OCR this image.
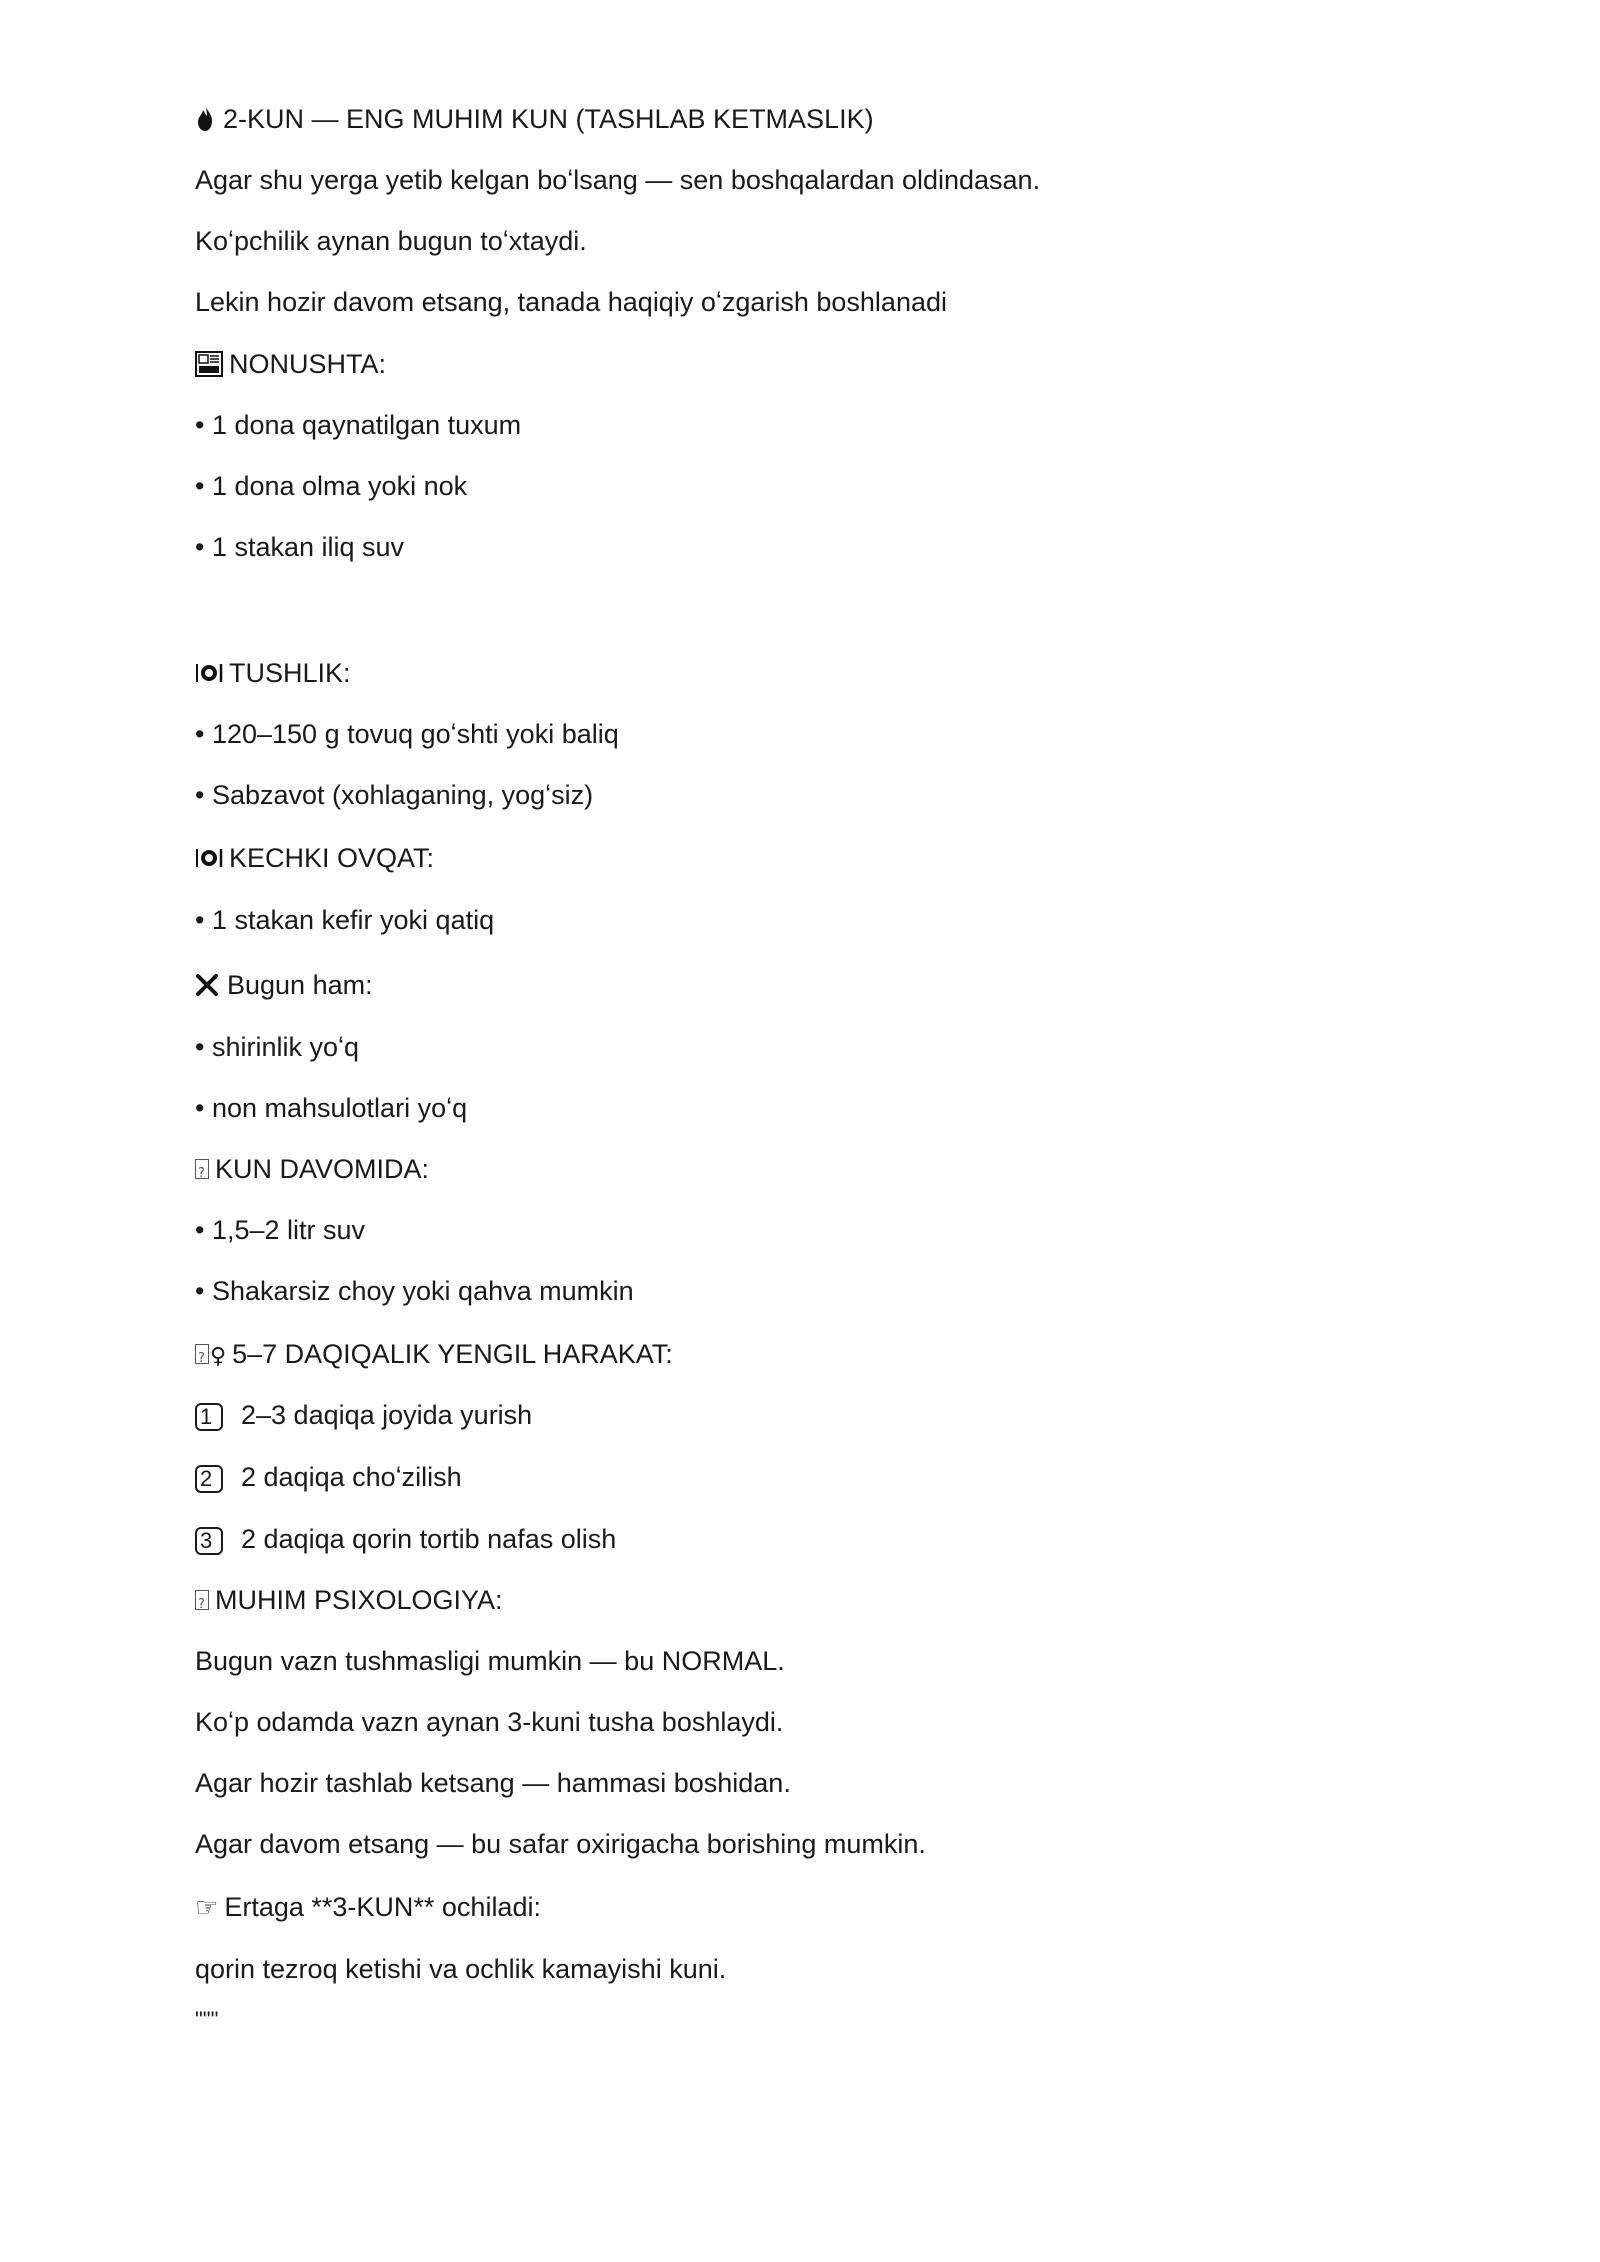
2-KUN — ENG MUHIM KUN (TASHLAB KETMASLIK)
Agar shu yerga yetib kelgan boʻlsang — sen boshqalardan oldindasan.
Koʻpchilik aynan bugun toʻxtaydi.
Lekin hozir davom etsang, tanada haqiqiy oʻzgarish boshlanadi
NONUSHTA:
• 1 dona qaynatilgan tuxum
• 1 dona olma yoki nok
• 1 stakan iliq suv
TUSHLIK:
• 120–150 g tovuq goʻshti yoki baliq
• Sabzavot (xohlaganing, yogʻsiz)
KECHKI OVQAT:
• 1 stakan kefir yoki qatiq
Bugun ham:
• shirinlik yoʻq
• non mahsulotlari yoʻq
?KUN DAVOMIDA:
• 1,5–2 litr suv
• Shakarsiz choy yoki qahva mumkin
?♀ 5–7 DAQIQALIK YENGIL HARAKAT:
1 2–3 daqiqa joyida yurish
2 2 daqiqa choʻzilish
3 2 daqiqa qorin tortib nafas olish
?MUHIM PSIXOLOGIYA:
Bugun vazn tushmasligi mumkin — bu NORMAL.
Koʻp odamda vazn aynan 3-kuni tusha boshlaydi.
Agar hozir tashlab ketsang — hammasi boshidan.
Agar davom etsang — bu safar oxirigacha borishing mumkin.
☞ Ertaga **3-KUN** ochiladi:
qorin tezroq ketishi va ochlik kamayishi kuni.
"""
